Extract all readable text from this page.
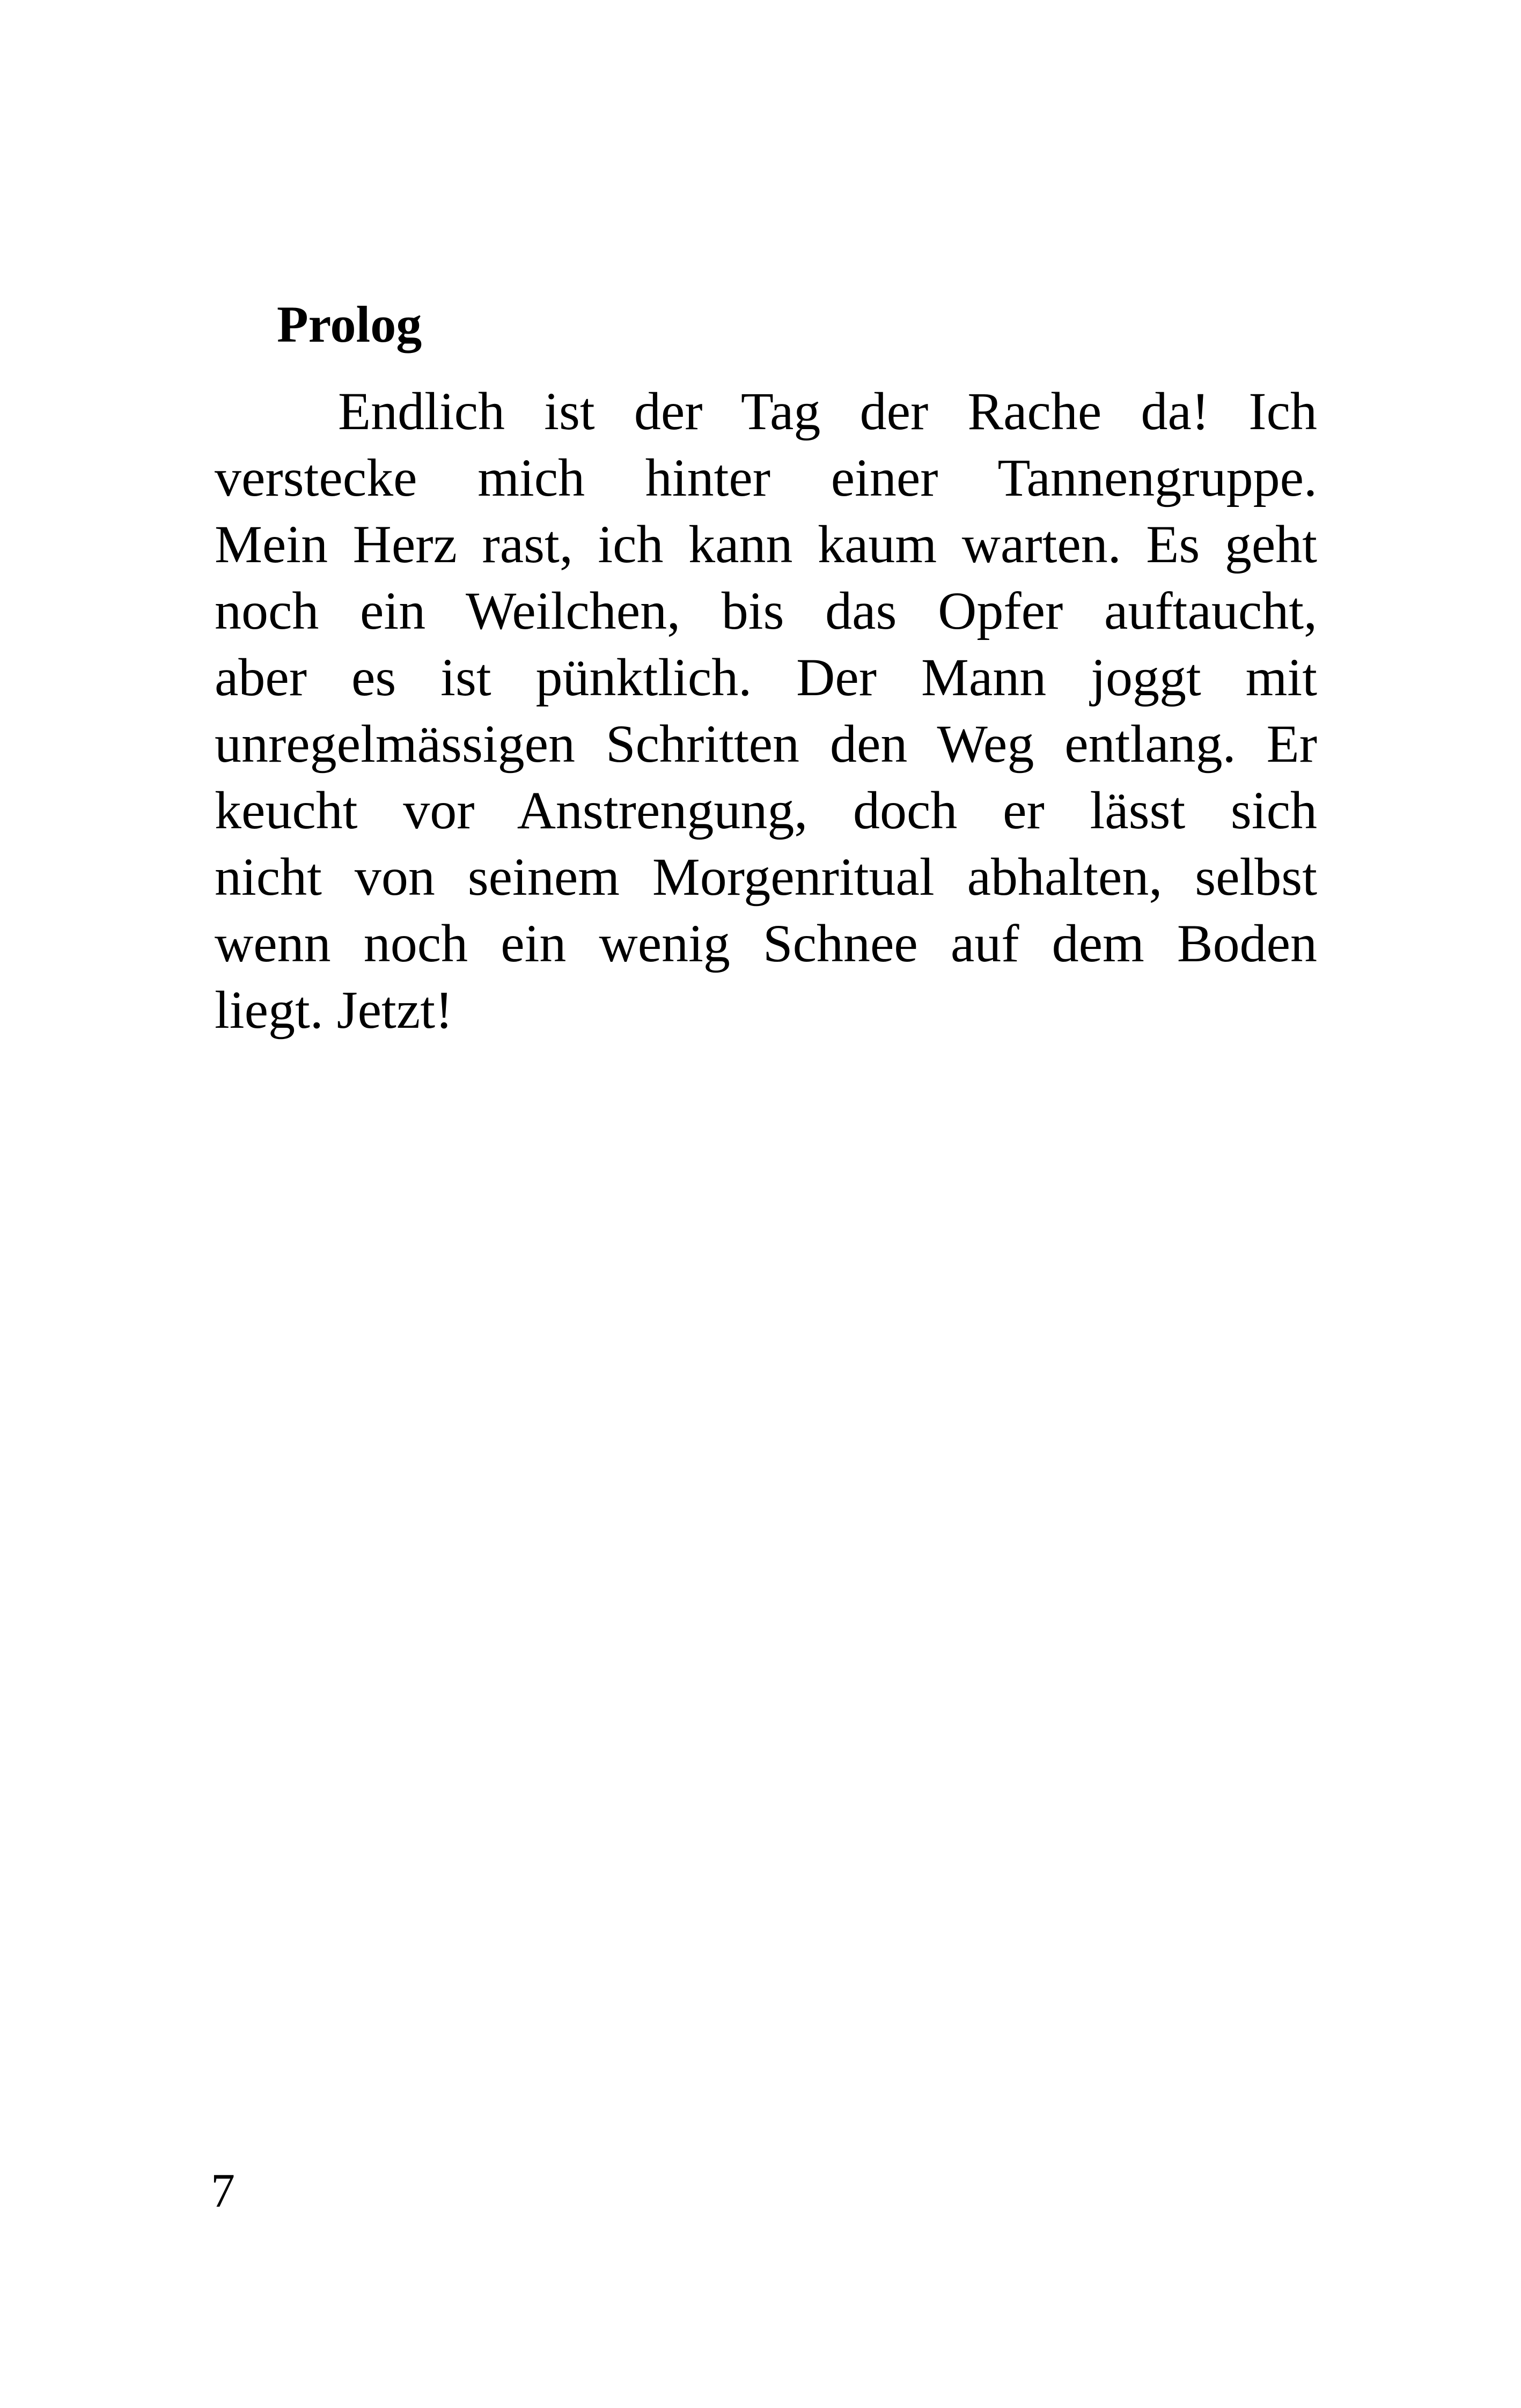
Prolog
Endlich ist der Tag der Rache da! Ich
verstecke mich hinter einer Tannengruppe.
Mein Herz rast, ich kann kaum warten. Es geht
noch ein Weilchen, bis das Opfer auftaucht,
aber es ist pünktlich. Der Mann joggt mit
unregelmässigen Schritten den Weg entlang. Er
keucht vor Anstrengung, doch er lässt sich
nicht von seinem Morgenritual abhalten, selbst
wenn noch ein wenig Schnee auf dem Boden
liegt. Jetzt!
7
